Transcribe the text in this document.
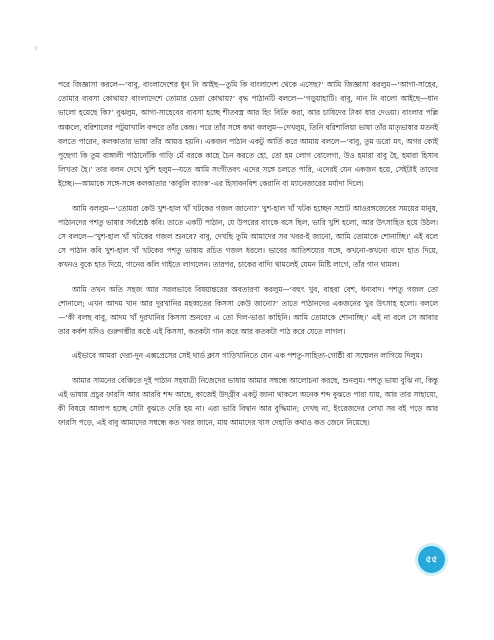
৫

পরে জিজ্ঞাসা করলে—‘বাবু, বাংলাদেশের ধুন নি আইছ—তুমি কি বাংলাদেশ থেকে এসেছ?’ আমি জিজ্ঞাসা করলুম—‘আগা-সাহেব, তোমার ব্যবসা কোথায়? বাংলাদেশে তোমার ডেরা কোথায়?’ বৃদ্ধ পাঠানটি বললে—‘গড়ুয়াহাটি। বাবু, নান নি বালো আইছে—ধান ভালো হয়েছে কি?’ বুঝলুম, আগা-সাহেবের ব্যবসা হচ্ছে শীতবস্ত্র আর হিং বিক্রি করা, আর চাষিদের টাকা ধার দেওয়া। বাংলার পল্লি অঞ্চলে, বরিশালের পটুয়াখালি বন্দরে তাঁর কেন্দ্র। পরে তাঁর সঙ্গে কথা বললুম—দেখলুম, তিনি বরিশালিয়া ভাষা তাঁর মাতৃভাষার মতনই বলতে পারেন, কলকাতার ভাষা তাঁর আয়ত্ত হয়নি। একজন পাঠান একটু আর্তি করে আমায় বললে—‘বাবু, তুম ডরো মৎ, অগর কোই পুছেগা কি তুম বাঙ্গালী পাঠানোঁকি গাড়ি মেঁ বরকে কাহে চৈন করতে হো, তো হম লোগ বোলেগা, উও হমারা বাবু হৈ, হমারা হিসাব লিখতা হৈ।’ তার বলন দেখে খুশি হলুম—যতে আমি সংগীতবৎ এদের সঙ্গে চলতে পারি, এদেরই যেন একজন হয়ে, সেইটাই তাদের ইচ্ছে।—আমাকে সঙ্গে-সঙ্গে কলকাতার ‘কাবুলি ব্যাংক’-এর হিসাবনবিশ কেরানি বা ম্যানেজারের মর্যাদা দিলে।

আমি বললুম—‘তোমরা কেউ খুশ-হাল খাঁ খটকের গজল জানো?’ খুশ-হাল খাঁ খটক হচ্ছেন সম্রাট আওরঙ্গজেবের সময়ের মানুষ, পাঠানদের পশতু ভাষার সর্বশ্রেষ্ঠ কবি। তাতে একটি পাঠান, যে উপরের বাংকে বসে ছিল, ভারি খুশি হলো, আর উৎসাহিত হয়ে উঠল। সে বললে—‘খুশ-হাল খাঁ খটকের গজল শুনবে? বাবু, দেখছি তুমি আমাদের সব খবর-ই জানো, আমি তোমাকে শোনাচ্ছি।’ এই বলে সে পাঠান কবি খুশ-হাল খাঁ খটকের পশতু ভাষায় রচিত গজল ধরলে। ভাবের আতিশয্যের সঙ্গে, কখনো-কখনো বাদে হাত দিয়ে, কখনও বুকে হাত দিয়ে, গানের কলি গাইতে লাগলেন। তারপর, চাকের বাদ্যি থামলেই যেমন মিষ্টি লাগে, তাঁর গান থামল।

আমি তখন অতি সহজ আর সরলভাবে বিষয়ান্তরের অবতারণা করলুম—‘বহুৎ খুব, বাহবা বেশ, ধন্যবাদ। পশতু গজল তো শোনালে; এখন আদম খান আর দুরখানির মহব্বতের কিসসা কেউ জানো?’ তাতে পাঠানদের একজনের খুব উৎসাহ হলো। বললে—‘কী বলছ বাবু, আদম খাঁ দুরখানির কিসসা শুনবে? এ তো দিল-ভাঙা কাহিনি। আমি তোমাকে শোনাচ্ছি।’ এই না বলে সে আবার তার কর্কশ যদিও গুরুগম্ভীর কণ্ঠে এই কিসসা, কতকটা গান করে আর কতকটা পাঠ করে যেতে লাগল।

এইভাবে আমরা দেরা-দুন এক্সপ্রেসের সেই থার্ড ক্লাস গাড়িখানিতে যেন এক পশতু-সাহিত্য-গোষ্ঠী বা সম্মেলন লাগিয়ে দিলুম।

আমার সামনের বেঞ্চিতে দুই পাঠান সহযাত্রী নিজেদের ভাষায় আমার সম্বন্ধে আলোচনা করছে, শুনলুম। পশতু ভাষা বুঝি না, কিন্তু এই ভাষায় প্রচুর ফারসি আর আরবি শব্দ আছে, কাজেই উদ্গ্রীব একটু জানা থাকলে অনেক শব্দ বুঝতে পারা যায়, আর তার সাহায্যে, কী বিষয়ে আলাপ হচ্ছে সেটা বুঝতে দেরি হয় না। এরা ভারি বিদ্বান আর বুদ্ধিমান; দেখছ না, ইংরেজদের লেখা সব বই পড়ে আর ফারসি পড়ে, এই বাবু আমাদের সম্বন্ধে কত খবর জানে, মায় আমাদের খাস দেহাতি কথাও কত জেনে নিয়েছে।

৫৫
